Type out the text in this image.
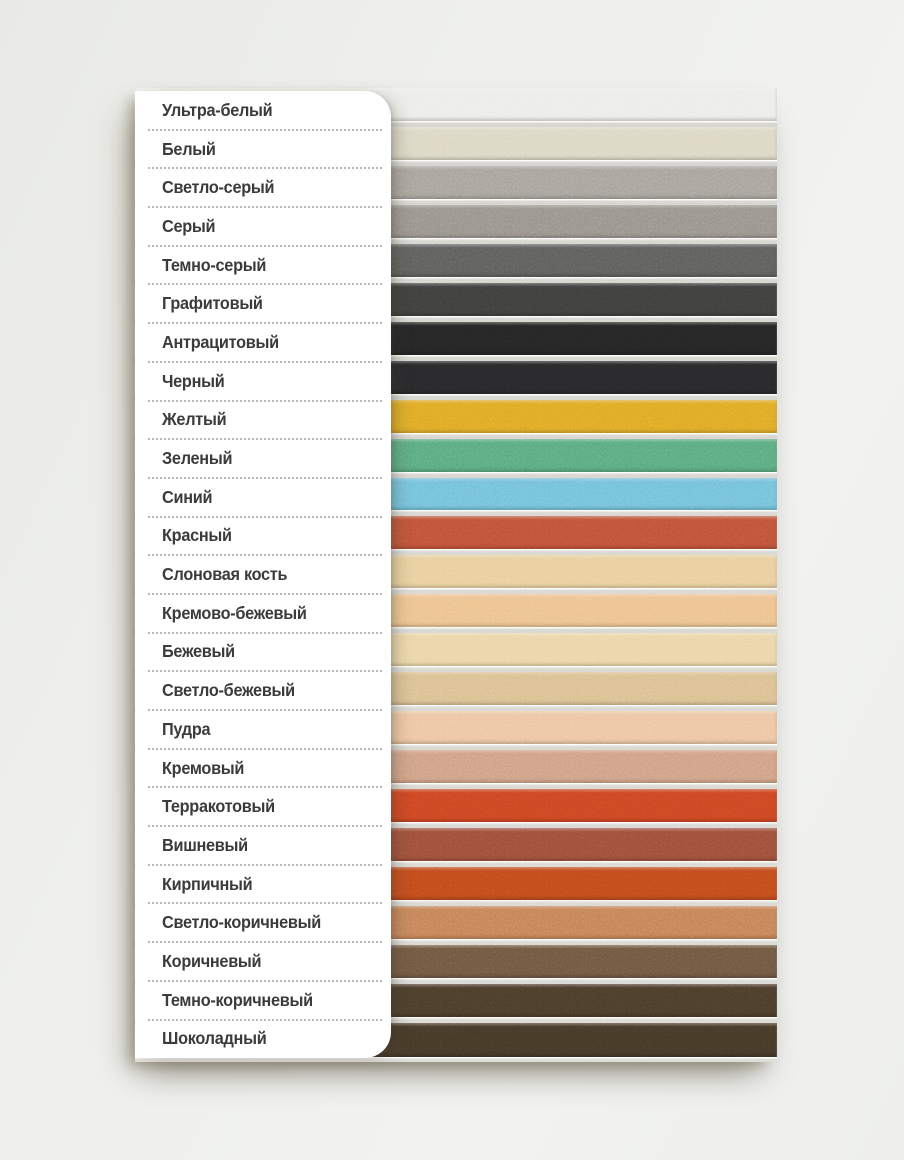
Ультра-белый
Белый
Светло-серый
Серый
Темно-серый
Графитовый
Антрацитовый
Черный
Желтый
Зеленый
Синий
Красный
Слоновая кость
Кремово-бежевый
Бежевый
Светло-бежевый
Пудра
Кремовый
Терракотовый
Вишневый
Кирпичный
Светло-коричневый
Коричневый
Темно-коричневый
Шоколадный
